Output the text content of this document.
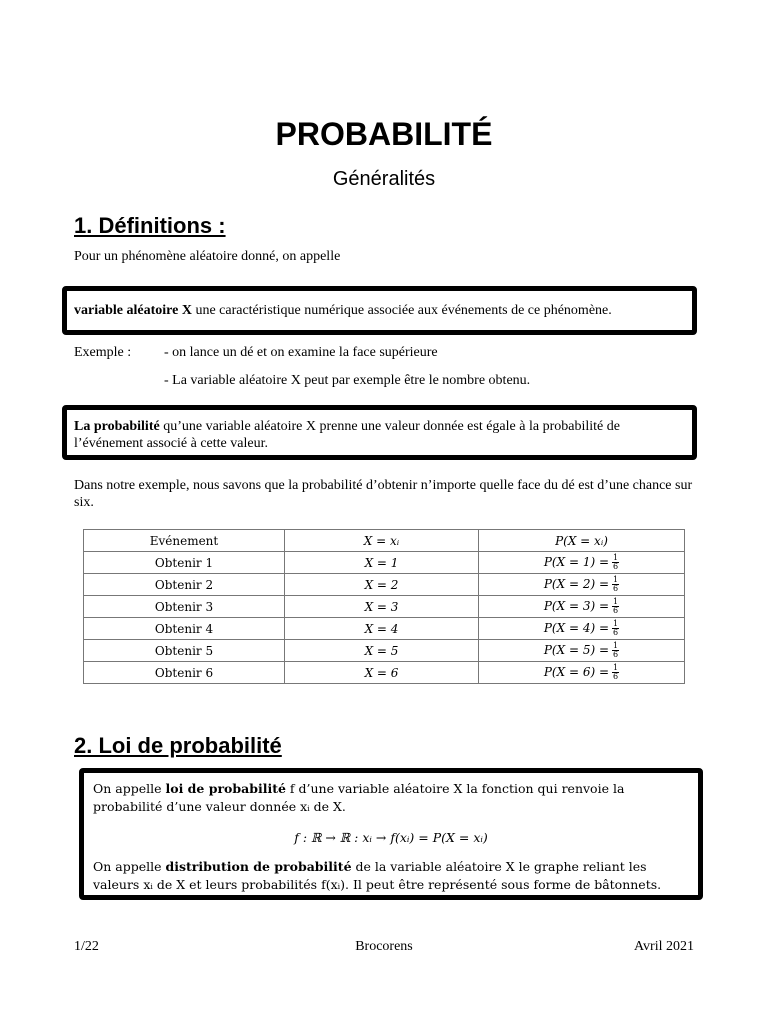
PROBABILITÉ
Généralités
1. Définitions :
Pour un phénomène aléatoire donné, on appelle
variable aléatoire X une caractéristique numérique associée aux événements de ce phénomène.
Exemple : - on lance un dé et on examine la face supérieure
- La variable aléatoire X peut par exemple être le nombre obtenu.
La probabilité qu’une variable aléatoire X prenne une valeur donnée est égale à la probabilité de l’événement associé à cette valeur.
Dans notre exemple, nous savons que la probabilité d’obtenir n’importe quelle face du dé est d’une chance sur six.
Evénement	X = xᵢ	P(X = xᵢ)
Obtenir 1	X = 1	$P(X = 1) = \frac{1}{6}$

Obtenir 2	X = 2	$P(X = 2) = \frac{1}{6}$

Obtenir 3	X = 3	$P(X = 3) = \frac{1}{6}$

Obtenir 4	X = 4	$P(X = 4) = \frac{1}{6}$

Obtenir 5	X = 5	$P(X = 5) = \frac{1}{6}$

Obtenir 6	X = 6	$P(X = 6) = \frac{1}{6}$
2. Loi de probabilité
On appelle loi de probabilité f d’une variable aléatoire X la fonction qui renvoie la probabilité d’une valeur donnée xᵢ de X.
f : ℝ → ℝ : xᵢ → f(xᵢ) = P(X = xᵢ)
On appelle distribution de probabilité de la variable aléatoire X le graphe reliant les valeurs xᵢ de X et leurs probabilités f(xᵢ). Il peut être représenté sous forme de bâtonnets.
1/22	Brocorens	Avril 2021
